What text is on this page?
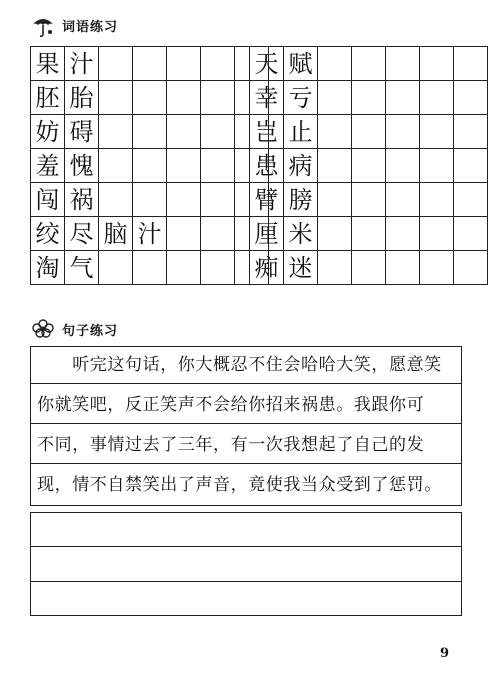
词语练习
果 汁
胚 胎
妨 碍
羞 愧
闯 祸
绞 尽 脑 汁
淘 气
天 赋
幸 亏
岂 止
患 病
臂 膀
厘 米
痴 迷
句子练习
　　听完这句话，你大概忍不住会哈哈大笑，愿意笑
你就笑吧，反正笑声不会给你招来祸患。我跟你可
不同，事情过去了三年，有一次我想起了自己的发
现，情不自禁笑出了声音，竟使我当众受到了惩罚。
9
